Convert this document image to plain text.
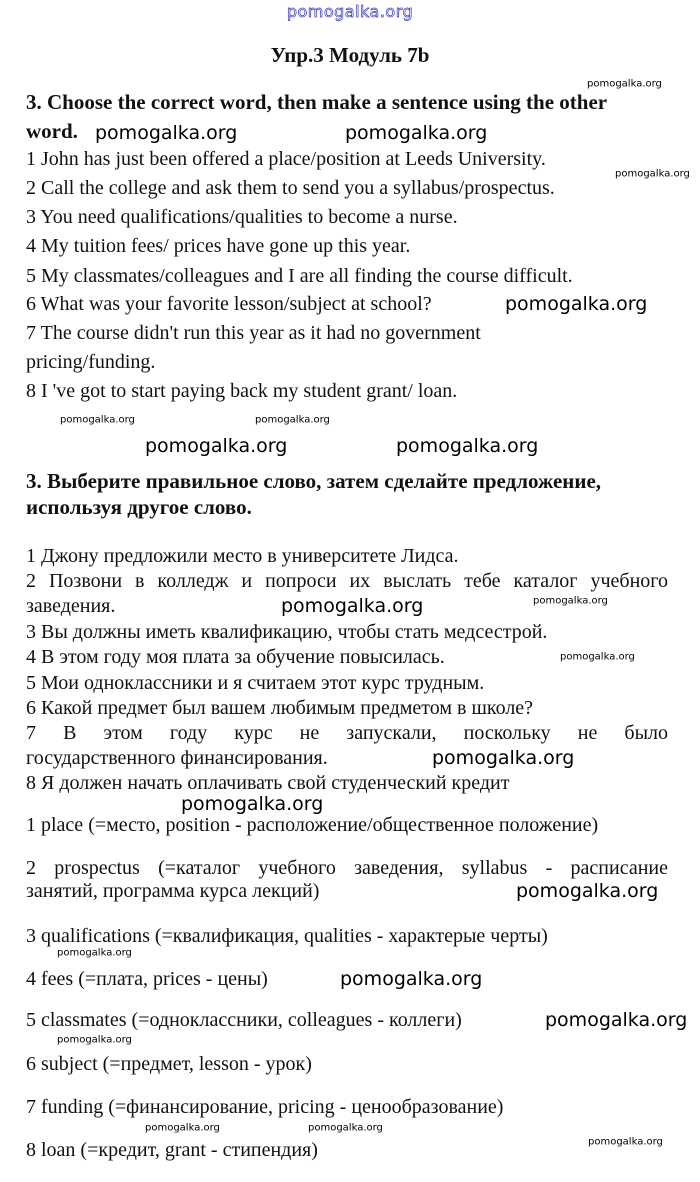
pomogalka.org
Упр.3 Модуль 7b
3. Choose the correct word, then make a sentence using the other
word.
1 John has just been offered a place/position at Leeds University.
2 Call the college and ask them to send you a syllabus/prospectus.
3 You need qualifications/qualities to become a nurse.
4 My tuition fees/ prices have gone up this year.
5 My classmates/colleagues and I are all finding the course difficult.
6 What was your favorite lesson/subject at school?
7 The course didn't run this year as it had no government
pricing/funding.
8 I 've got to start paying back my student grant/ loan.
3. Выберите правильное слово, затем сделайте предложение,
используя другое слово.
1 Джону предложили место в университете Лидса.
2 Позвони в колледж и попроси их выслать тебе каталог учебного
заведения.
3 Вы должны иметь квалификацию, чтобы стать медсестрой.
4 В этом году моя плата за обучение повысилась.
5 Мои одноклассники и я считаем этот курс трудным.
6 Какой предмет был вашем любимым предметом в школе?
7 В этом году курс не запускали, поскольку не было
государственного финансирования.
8 Я должен начать оплачивать свой студенческий кредит
1 place (=место, position - расположение/общественное положение)
2 prospectus (=каталог учебного заведения, syllabus - расписание
занятий, программа курса лекций)
3 qualifications (=квалификация, qualities - характерые черты)
4 fees (=плата, prices - цены)
5 classmates (=одноклассники, colleagues - коллеги)
6 subject (=предмет, lesson - урок)
7 funding (=финансирование, pricing - ценообразование)
8 loan (=кредит, grant - стипендия)
pomogalka.org
pomogalka.org
pomogalka.org	pomogalka.org
pomogalka.org
pomogalka.org
pomogalka.org
pomogalka.org
pomogalka.org	pomogalka.org
pomogalka.org
pomogalka.org	pomogalka.org
pomogalka.org
pomogalka.org	pomogalka.org
pomogalka.org
pomogalka.org
pomogalka.org
pomogalka.org
pomogalka.org
pomogalka.org
